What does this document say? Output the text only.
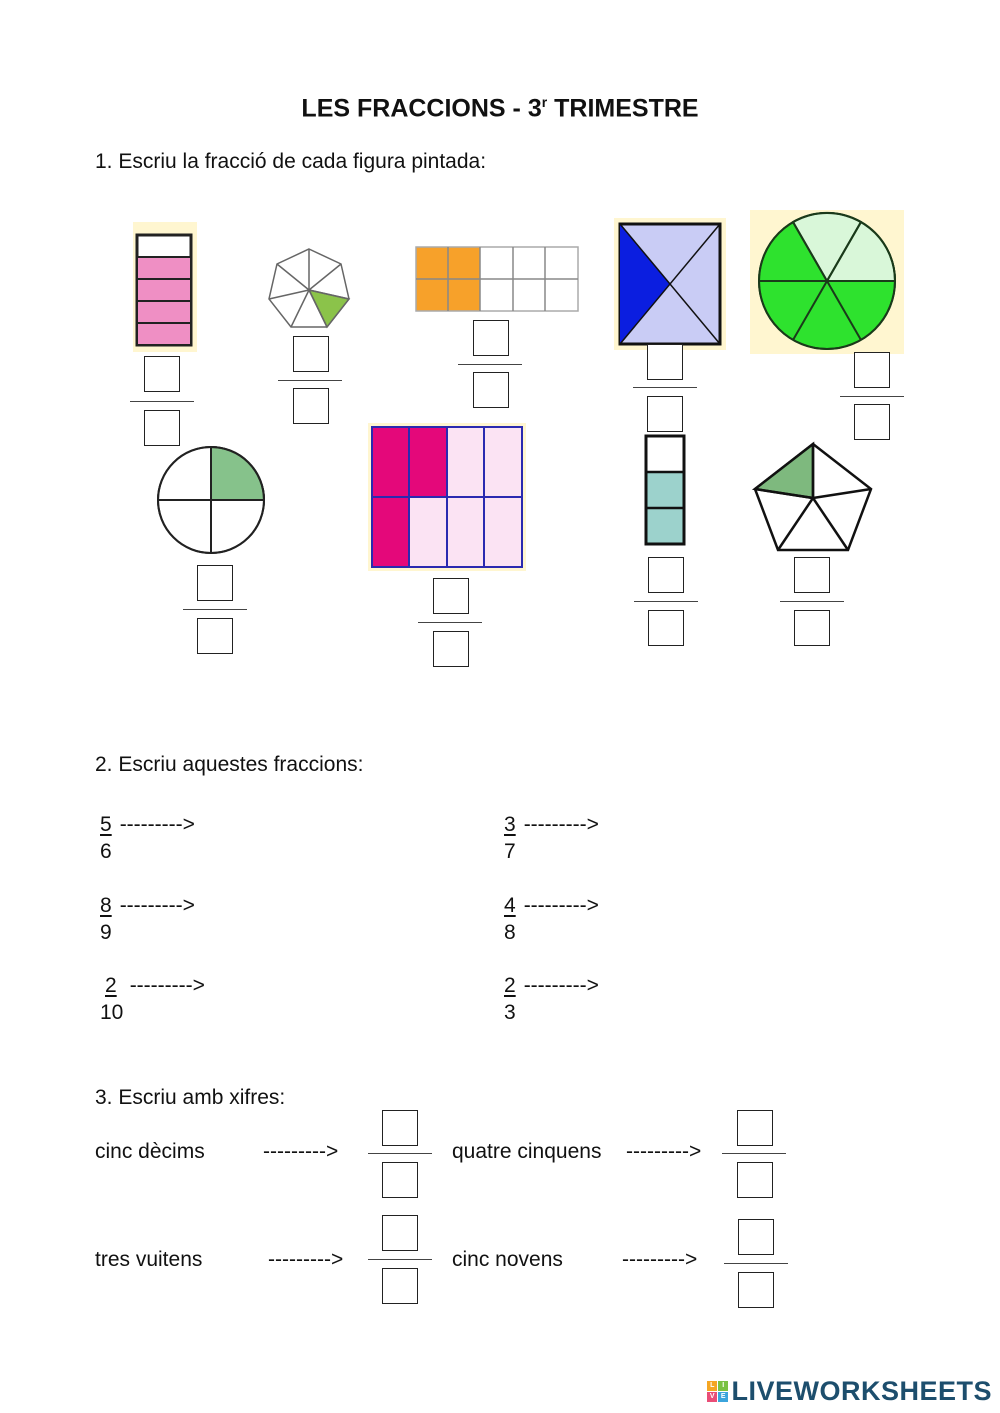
LES FRACCIONS - 3$^r$ TRIMESTRE
1. Escriu la fracció de cada figura pintada:
2. Escriu aquestes fraccions:
5 --------->
6
3 --------->
7
8 --------->
9
4 --------->
8
2 --------->
10
2 --------->
3
3. Escriu amb xifres:
cinc dècims	--------->	quatre cinquens --------->
tres vuitens	--------->	cinc novens	--------->
L	I
V E LIVEWORKSHEETS
